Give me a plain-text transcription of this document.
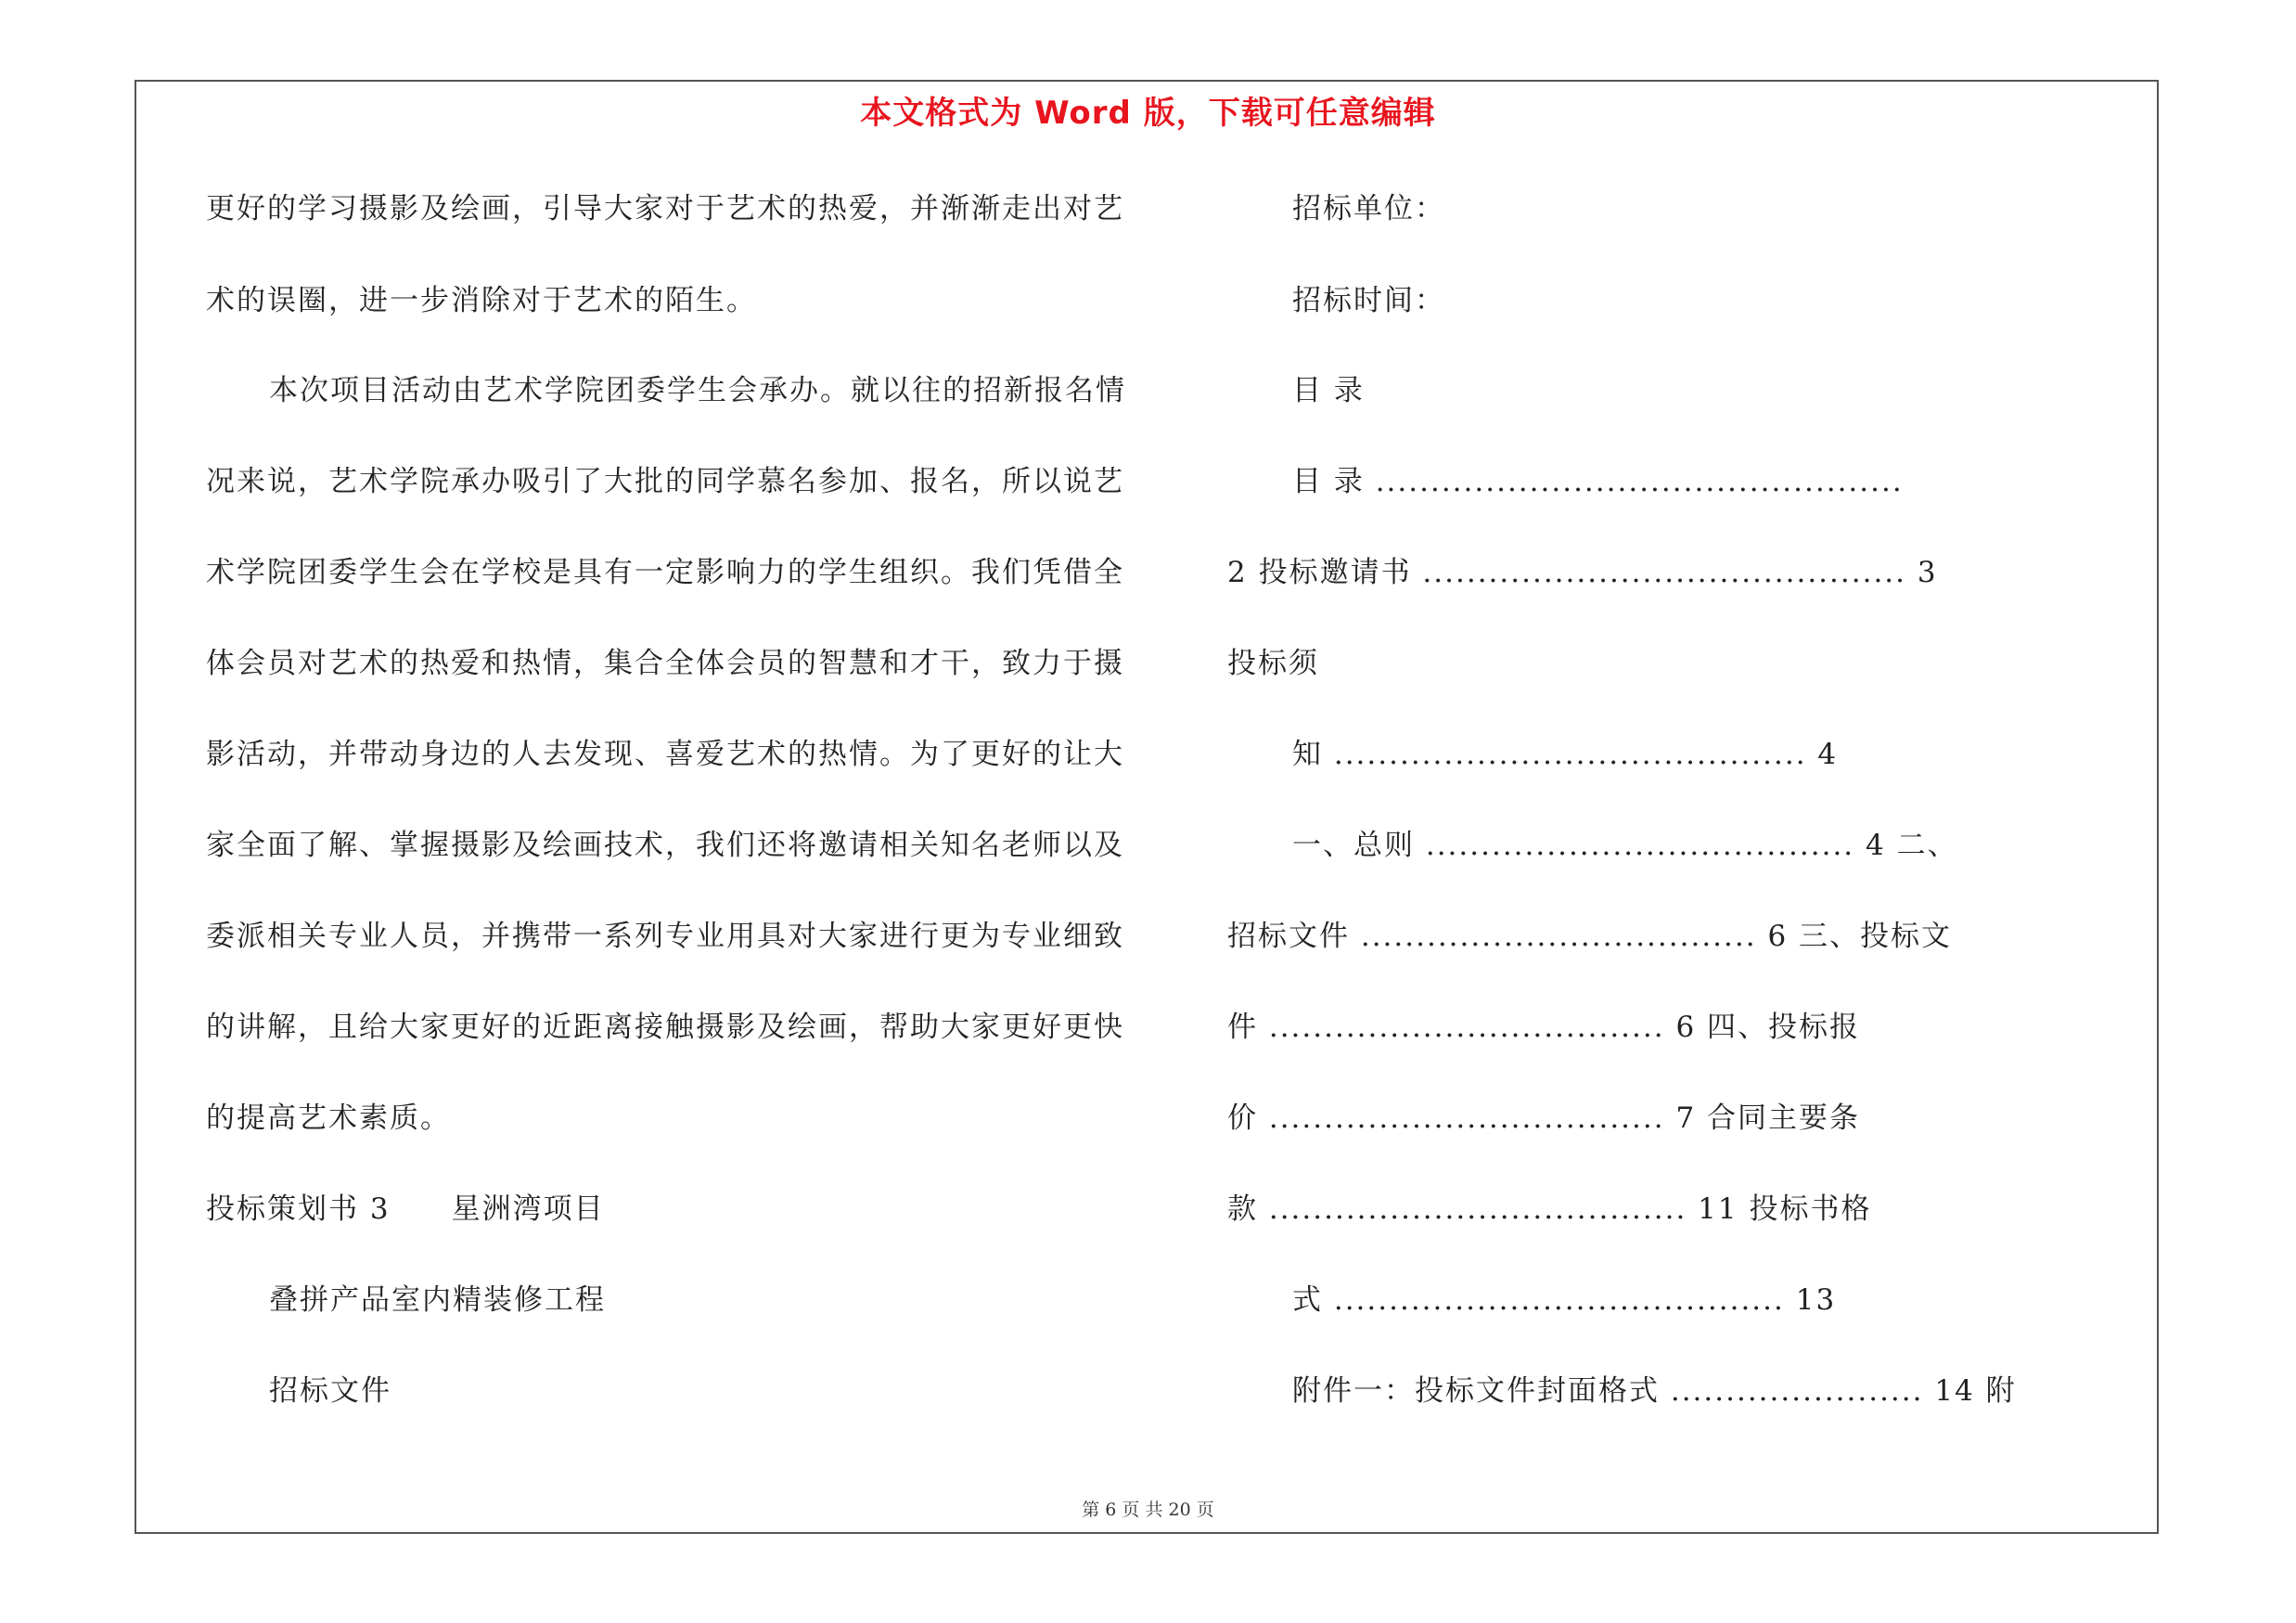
本文格式为 Word 版，下载可任意编辑
更好的学习摄影及绘画，引导大家对于艺术的热爱，并渐渐走出对艺
术的误圈，进一步消除对于艺术的陌生。
本次项目活动由艺术学院团委学生会承办。就以往的招新报名情
况来说，艺术学院承办吸引了大批的同学慕名参加、报名，所以说艺
术学院团委学生会在学校是具有一定影响力的学生组织。我们凭借全
体会员对艺术的热爱和热情，集合全体会员的智慧和才干，致力于摄
影活动，并带动身边的人去发现、喜爱艺术的热情。为了更好的让大
家全面了解、掌握摄影及绘画技术，我们还将邀请相关知名老师以及
委派相关专业人员，并携带一系列专业用具对大家进行更为专业细致
的讲解，且给大家更好的近距离接触摄影及绘画，帮助大家更好更快
的提高艺术素质。
投标策划书 3　　星洲湾项目
叠拼产品室内精装修工程
招标文件
招标单位：
招标时间：
目 录
目 录 ................................................
2 投标邀请书 ............................................ 3
投标须
知 ........................................... 4
一、总则 ....................................... 4 二、
招标文件 .................................... 6 三、投标文
件 .................................... 6 四、投标报
价 .................................... 7 合同主要条
款 ...................................... 11 投标书格
式 ......................................... 13
附件一：投标文件封面格式 ....................... 14 附
第 6 页 共 20 页
